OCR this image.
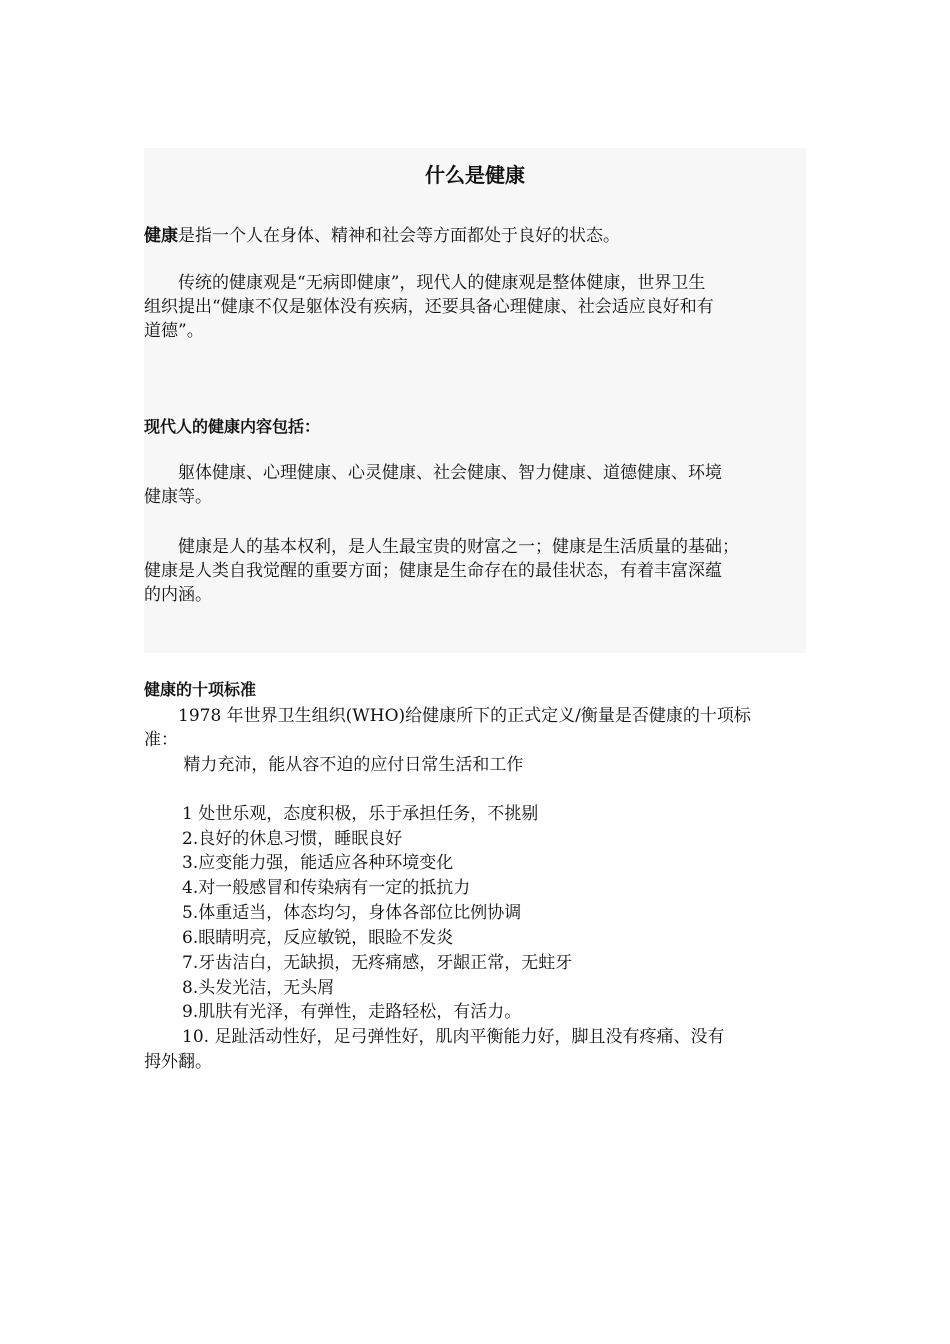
什么是健康

健康是指一个人在身体、精神和社会等方面都处于良好的状态。

　　传统的健康观是“无病即健康”，现代人的健康观是整体健康，世界卫生

组织提出“健康不仅是躯体没有疾病，还要具备心理健康、社会适应良好和有

道德”。

现代人的健康内容包括：

　　躯体健康、心理健康、心灵健康、社会健康、智力健康、道德健康、环境

健康等。

　　健康是人的基本权利，是人生最宝贵的财富之一；健康是生活质量的基础；

健康是人类自我觉醒的重要方面；健康是生命存在的最佳状态，有着丰富深蕴

的内涵。

健康的十项标准

　　1978 年世界卫生组织(WHO)给健康所下的正式定义/衡量是否健康的十项标

准：

　　 精力充沛，能从容不迫的应付日常生活和工作

1 处世乐观，态度积极，乐于承担任务，不挑剔

2.良好的休息习惯，睡眠良好

3.应变能力强，能适应各种环境变化

4.对一般感冒和传染病有一定的抵抗力

5.体重适当，体态均匀，身体各部位比例协调

6.眼睛明亮，反应敏锐，眼睑不发炎

7.牙齿洁白，无缺损，无疼痛感，牙龈正常，无蛀牙

8.头发光洁，无头屑

9.肌肤有光泽，有弹性，走路轻松，有活力。

10. 足趾活动性好，足弓弹性好，肌肉平衡能力好，脚且没有疼痛、没有

拇外翻。
